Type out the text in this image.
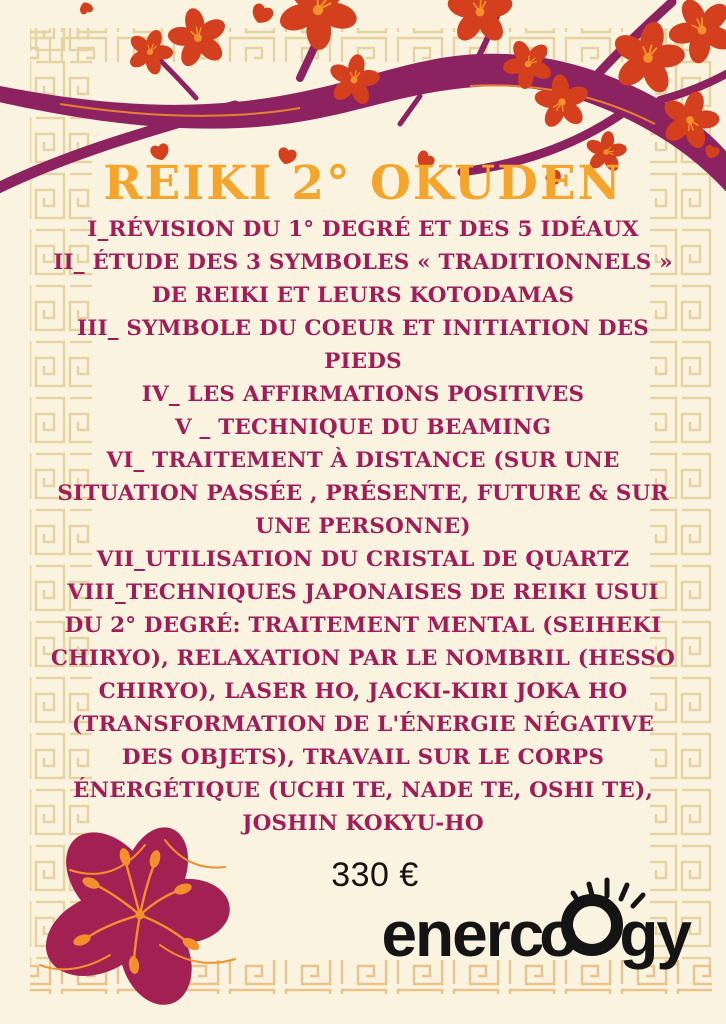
REIKI 2° OKUDEN
I_RÉVISION DU 1° DEGRÉ ET DES 5 IDÉAUX
II_ ÉTUDE DES 3 SYMBOLES « TRADITIONNELS » DE REIKI ET LEURS KOTODAMAS
III_ SYMBOLE DU COEUR ET INITIATION DES PIEDS
IV_ LES AFFIRMATIONS POSITIVES
V _ TECHNIQUE DU BEAMING
VI_ TRAITEMENT À DISTANCE (SUR UNE SITUATION PASSÉE , PRÉSENTE, FUTURE & SUR UNE PERSONNE)
VII_UTILISATION DU CRISTAL DE QUARTZ
VIII_TECHNIQUES JAPONAISES DE REIKI USUI DU 2° DEGRÉ: TRAITEMENT MENTAL (SEIHEKI CHIRYO), RELAXATION PAR LE NOMBRIL (HESSO CHIRYO), LASER HO, JACKI-KIRI JOKA HO (TRANSFORMATION DE L'ÉNERGIE NÉGATIVE DES OBJETS), TRAVAIL SUR LE CORPS ÉNERGÉTIQUE (UCHI TE, NADE TE, OSHI TE), JOSHIN KOKYU-HO
330 €
ener c
o gy
